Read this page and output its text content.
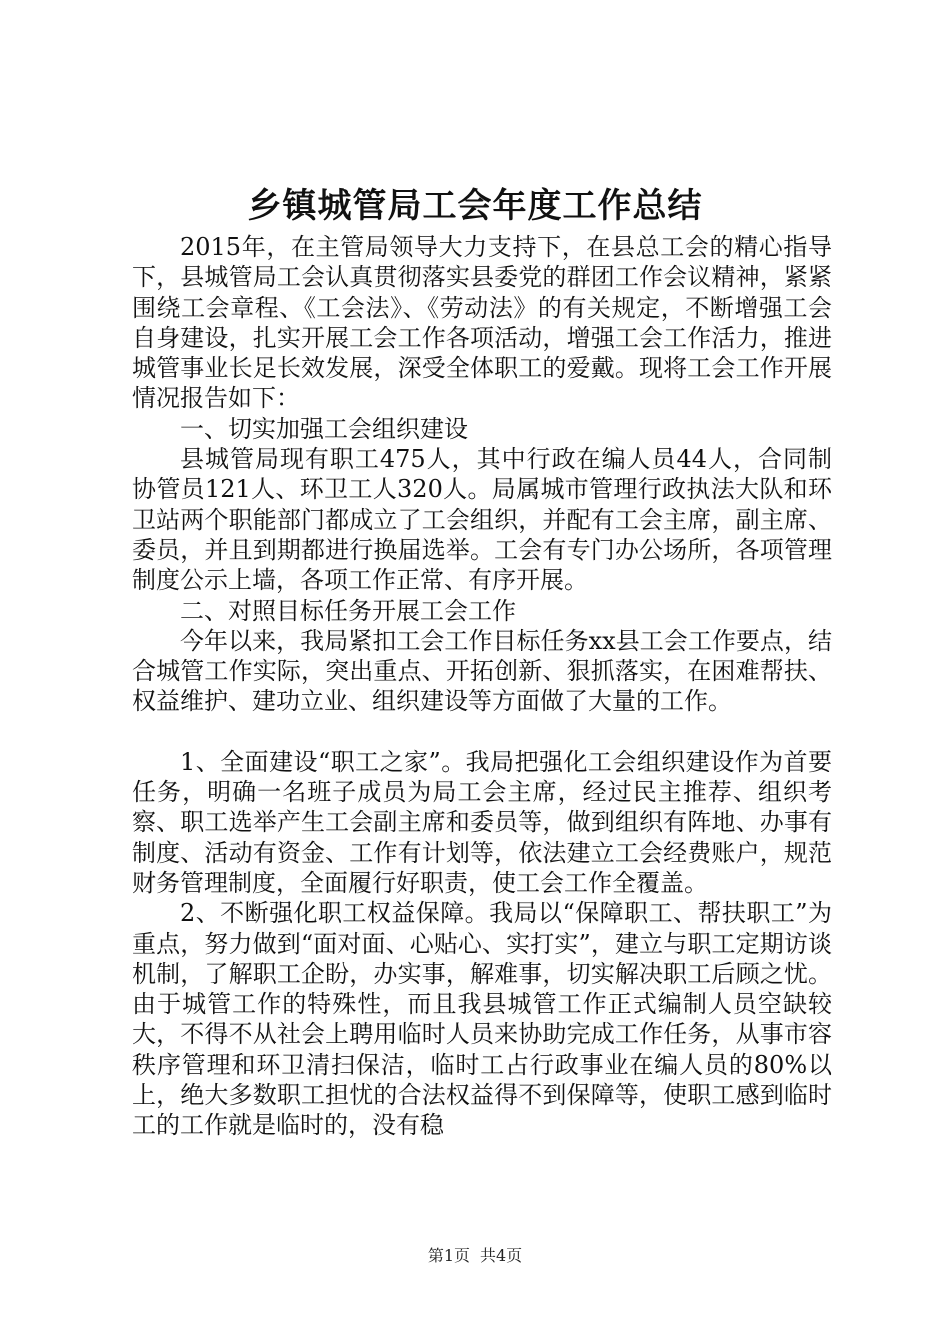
乡镇城管局工会年度工作总结

2015年，在主管局领导大力支持下，在县总工会的精心指导下，县城管局工会认真贯彻落实县委党的群团工作会议精神，紧紧围绕工会章程、《工会法》、《劳动法》的有关规定，不断增强工会自身建设，扎实开展工会工作各项活动，增强工会工作活力，推进城管事业长足长效发展，深受全体职工的爱戴。现将工会工作开展情况报告如下：

一、切实加强工会组织建设

县城管局现有职工475人，其中行政在编人员44人，合同制协管员121人、环卫工人320人。局属城市管理行政执法大队和环卫站两个职能部门都成立了工会组织，并配有工会主席，副主席、委员，并且到期都进行换届选举。工会有专门办公场所，各项管理制度公示上墙，各项工作正常、有序开展。

二、对照目标任务开展工会工作

今年以来，我局紧扣工会工作目标任务xx县工会工作要点，结合城管工作实际，突出重点、开拓创新、狠抓落实，在困难帮扶、权益维护、建功立业、组织建设等方面做了大量的工作。

1、全面建设“职工之家”。我局把强化工会组织建设作为首要任务，明确一名班子成员为局工会主席，经过民主推荐、组织考察、职工选举产生工会副主席和委员等，做到组织有阵地、办事有制度、活动有资金、工作有计划等，依法建立工会经费账户，规范财务管理制度，全面履行好职责，使工会工作全覆盖。

2、不断强化职工权益保障。我局以“保障职工、帮扶职工”为重点，努力做到“面对面、心贴心、实打实”，建立与职工定期访谈机制，了解职工企盼，办实事，解难事，切实解决职工后顾之忧。由于城管工作的特殊性，而且我县城管工作正式编制人员空缺较大，不得不从社会上聘用临时人员来协助完成工作任务，从事市容秩序管理和环卫清扫保洁，临时工占行政事业在编人员的80%以上，绝大多数职工担忧的合法权益得不到保障等，使职工感到临时工的工作就是临时的，没有稳

第1页 共4页
